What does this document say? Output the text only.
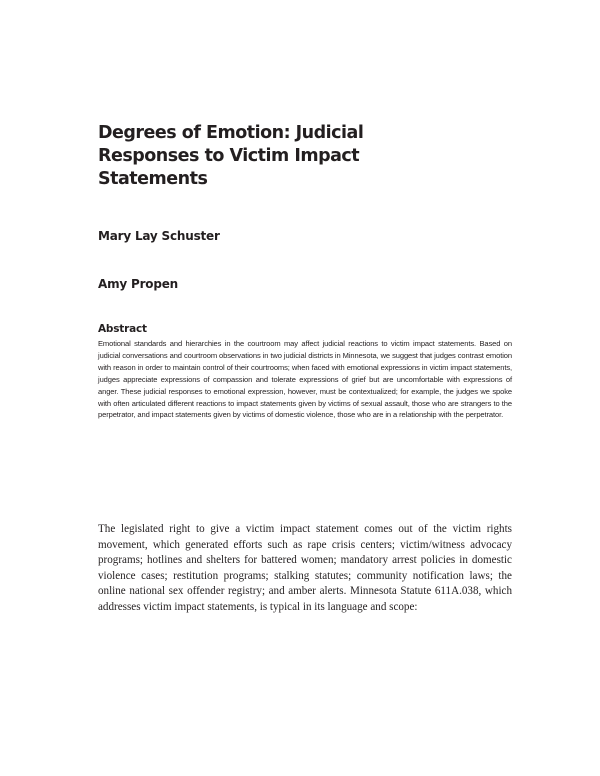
Degrees of Emotion: Judicial Responses to Victim Impact Statements

Mary Lay Schuster

Amy Propen

Abstract

Emotional standards and hierarchies in the courtroom may affect judicial reactions to victim impact statements. Based on judicial conversations and courtroom observations in two judicial districts in Minnesota, we suggest that judges contrast emotion with reason in order to maintain control of their courtrooms; when faced with emotional expressions in victim impact statements, judges appreciate expressions of compassion and tolerate expressions of grief but are uncomfortable with expressions of anger. These judicial responses to emotional expression, however, must be contextualized; for example, the judges we spoke with often articulated different reactions to impact statements given by victims of sexual assault, those who are strangers to the perpetrator, and impact statements given by victims of domestic violence, those who are in a relationship with the perpetrator.

The legislated right to give a victim impact statement comes out of the victim rights movement, which generated efforts such as rape crisis centers; victim/witness advocacy programs; hotlines and shelters for battered women; mandatory arrest policies in domestic violence cases; restitution programs; stalking statutes; community notification laws; the online national sex offender registry; and amber alerts. Minnesota Statute 611A.038, which addresses victim impact statements, is typical in its language and scope:
